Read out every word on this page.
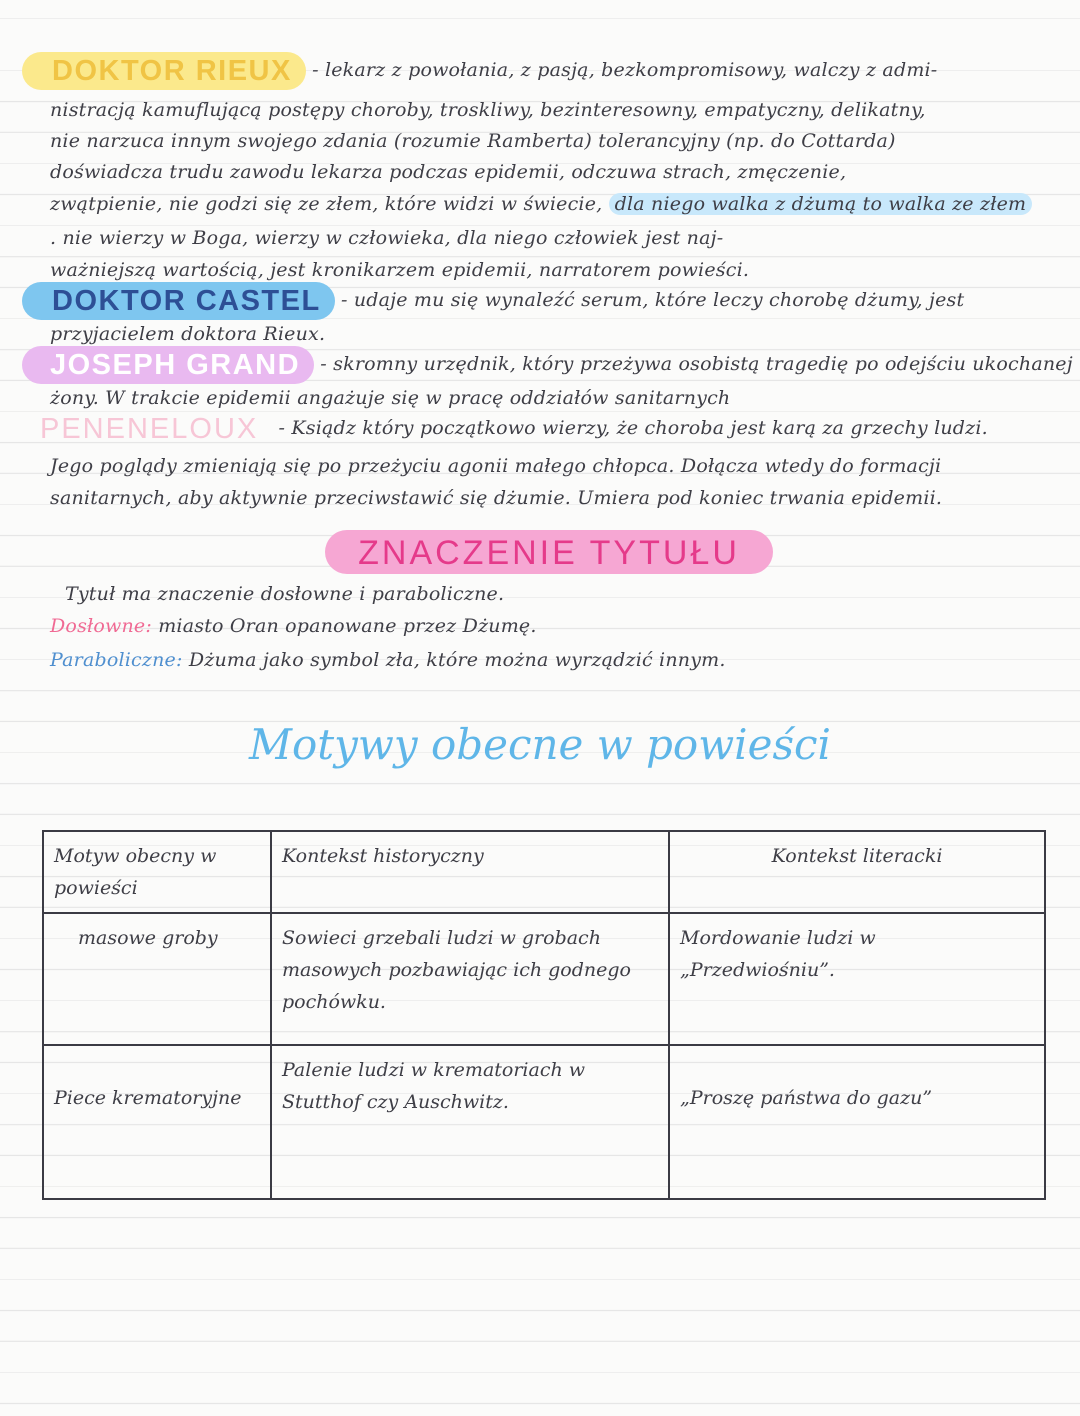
DOKTOR RIEUX - lekarz z powołania, z pasją, bezkompromisowy, walczy z admi-
nistracją kamuflującą postępy choroby, troskliwy, bezinteresowny, empatyczny, delikatny,
nie narzuca innym swojego zdania (rozumie Ramberta) tolerancyjny (np. do Cottarda)
doświadcza trudu zawodu lekarza podczas epidemii, odczuwa strach, zmęczenie,
zwątpienie, nie godzi się ze złem, które widzi w świecie, dla niego walka z dżumą to walka ze złem
. nie wierzy w Boga, wierzy w człowieka, dla niego człowiek jest naj-
ważniejszą wartością, jest kronikarzem epidemii, narratorem powieści.
DOKTOR CASTEL - udaje mu się wynaleźć serum, które leczy chorobę dżumy, jest
przyjacielem doktora Rieux.
JOSEPH GRAND - skromny urzędnik, który przeżywa osobistą tragedię po odejściu ukochanej
żony. W trakcie epidemii angażuje się w pracę oddziałów sanitarnych
PENENELOUX - Ksiądz który początkowo wierzy, że choroba jest karą za grzechy ludzi.
Jego poglądy zmieniają się po przeżyciu agonii małego chłopca. Dołącza wtedy do formacji
sanitarnych, aby aktywnie przeciwstawić się dżumie. Umiera pod koniec trwania epidemii.
ZNACZENIE TYTUŁU
Tytuł ma znaczenie dosłowne i paraboliczne.
Dosłowne: miasto Oran opanowane przez Dżumę.
Paraboliczne: Dżuma jako symbol zła, które można wyrządzić innym.
Motywy obecne w powieści
Motyw obecny w powieści	Kontekst historyczny	Kontekst literacki
masowe groby	Sowieci grzebali ludzi w grobach masowych pozbawiając ich godnego pochówku.	Mordowanie ludzi w „Przedwiośniu”.
Piece krematoryjne	Palenie ludzi w krematoriach w Stutthof czy Auschwitz.	„Proszę państwa do gazu”
